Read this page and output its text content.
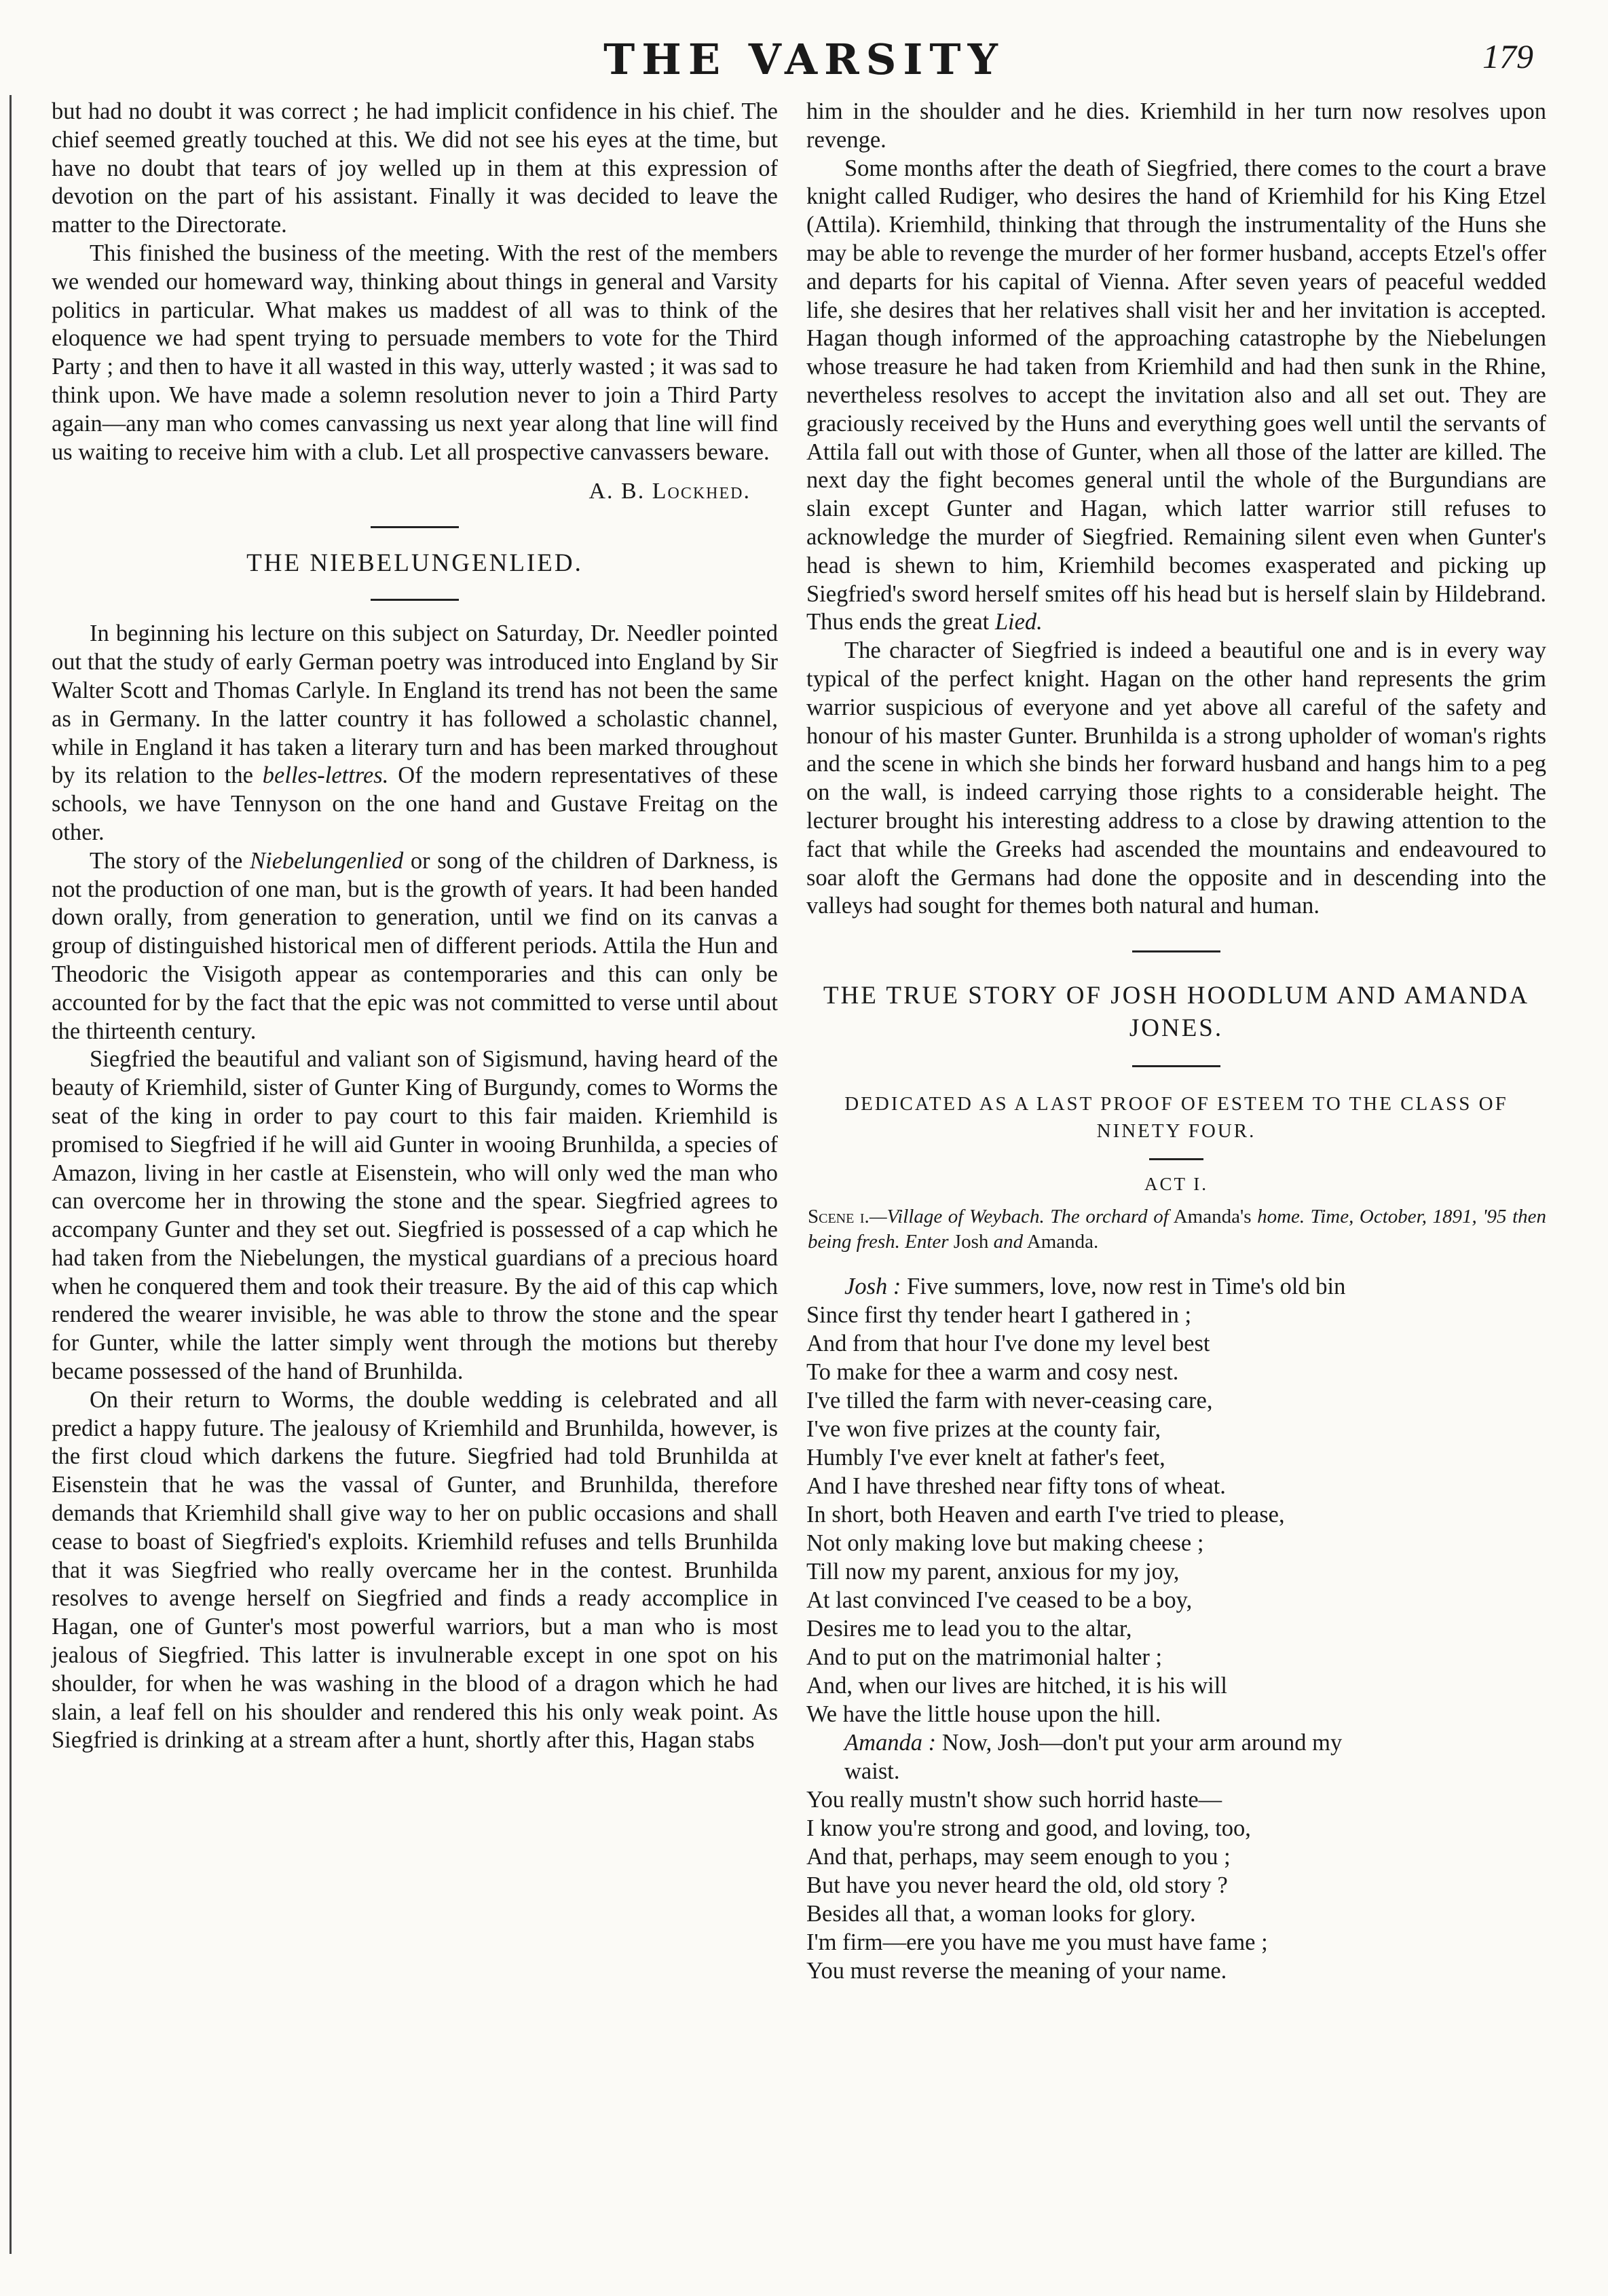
THE VARSITY	179

but had no doubt it was correct ; he had implicit confidence in his chief. The chief seemed greatly touched at this. We did not see his eyes at the time, but have no doubt that tears of joy welled up in them at this expression of devotion on the part of his assistant. Finally it was decided to leave the matter to the Directorate.

This finished the business of the meeting. With the rest of the members we wended our homeward way, thinking about things in general and Varsity politics in particular. What makes us maddest of all was to think of the eloquence we had spent trying to persuade members to vote for the Third Party ; and then to have it all wasted in this way, utterly wasted ; it was sad to think upon. We have made a solemn resolution never to join a Third Party again—any man who comes canvassing us next year along that line will find us waiting to receive him with a club. Let all prospective canvassers beware.

A. B. Lockhed.
THE NIEBELUNGENLIED.

In beginning his lecture on this subject on Saturday, Dr. Needler pointed out that the study of early German poetry was introduced into England by Sir Walter Scott and Thomas Carlyle. In England its trend has not been the same as in Germany. In the latter country it has followed a scholastic channel, while in England it has taken a literary turn and has been marked throughout by its relation to the belles-lettres. Of the modern representatives of these schools, we have Tennyson on the one hand and Gustave Freitag on the other.

The story of the Niebelungenlied or song of the children of Darkness, is not the production of one man, but is the growth of years. It had been handed down orally, from generation to generation, until we find on its canvas a group of distinguished historical men of different periods. Attila the Hun and Theodoric the Visigoth appear as contemporaries and this can only be accounted for by the fact that the epic was not committed to verse until about the thirteenth century.

Siegfried the beautiful and valiant son of Sigismund, having heard of the beauty of Kriemhild, sister of Gunter King of Burgundy, comes to Worms the seat of the king in order to pay court to this fair maiden. Kriemhild is promised to Siegfried if he will aid Gunter in wooing Brunhilda, a species of Amazon, living in her castle at Eisenstein, who will only wed the man who can overcome her in throwing the stone and the spear. Siegfried agrees to accompany Gunter and they set out. Siegfried is possessed of a cap which he had taken from the Niebelungen, the mystical guardians of a precious hoard when he conquered them and took their treasure. By the aid of this cap which rendered the wearer invisible, he was able to throw the stone and the spear for Gunter, while the latter simply went through the motions but thereby became possessed of the hand of Brunhilda.

On their return to Worms, the double wedding is celebrated and all predict a happy future. The jealousy of Kriemhild and Brunhilda, however, is the first cloud which darkens the future. Siegfried had told Brunhilda at Eisenstein that he was the vassal of Gunter, and Brunhilda, therefore demands that Kriemhild shall give way to her on public occasions and shall cease to boast of Siegfried's exploits. Kriemhild refuses and tells Brunhilda that it was Siegfried who really overcame her in the contest. Brunhilda resolves to avenge herself on Siegfried and finds a ready accomplice in Hagan, one of Gunter's most powerful warriors, but a man who is most jealous of Siegfried. This latter is invulnerable except in one spot on his shoulder, for when he was washing in the blood of a dragon which he had slain, a leaf fell on his shoulder and rendered this his only weak point. As Siegfried is drinking at a stream after a hunt, shortly after this, Hagan stabs

him in the shoulder and he dies. Kriemhild in her turn now resolves upon revenge.

Some months after the death of Siegfried, there comes to the court a brave knight called Rudiger, who desires the hand of Kriemhild for his King Etzel (Attila). Kriemhild, thinking that through the instrumentality of the Huns she may be able to revenge the murder of her former husband, accepts Etzel's offer and departs for his capital of Vienna. After seven years of peaceful wedded life, she desires that her relatives shall visit her and her invitation is accepted. Hagan though informed of the approaching catastrophe by the Niebelungen whose treasure he had taken from Kriemhild and had then sunk in the Rhine, nevertheless resolves to accept the invitation also and all set out. They are graciously received by the Huns and everything goes well until the servants of Attila fall out with those of Gunter, when all those of the latter are killed. The next day the fight becomes general until the whole of the Burgundians are slain except Gunter and Hagan, which latter warrior still refuses to acknowledge the murder of Siegfried. Remaining silent even when Gunter's head is shewn to him, Kriemhild becomes exasperated and picking up Siegfried's sword herself smites off his head but is herself slain by Hildebrand. Thus ends the great Lied.

The character of Siegfried is indeed a beautiful one and is in every way typical of the perfect knight. Hagan on the other hand represents the grim warrior suspicious of everyone and yet above all careful of the safety and honour of his master Gunter. Brunhilda is a strong upholder of woman's rights and the scene in which she binds her forward husband and hangs him to a peg on the wall, is indeed carrying those rights to a considerable height. The lecturer brought his interesting address to a close by drawing attention to the fact that while the Greeks had ascended the mountains and endeavoured to soar aloft the Germans had done the opposite and in descending into the valleys had sought for themes both natural and human.

THE TRUE STORY OF JOSH HOODLUM AND AMANDA JONES.
DEDICATED AS A LAST PROOF OF ESTEEM TO THE CLASS OF NINETY FOUR.
ACT I.
Scene i.—Village of Weybach. The orchard of Amanda's home. Time, October, 1891, '95 then being fresh. Enter Josh and Amanda.
Josh : Five summers, love, now rest in Time's old bin
Since first thy tender heart I gathered in ;
And from that hour I've done my level best
To make for thee a warm and cosy nest.
I've tilled the farm with never-ceasing care,
I've won five prizes at the county fair,
Humbly I've ever knelt at father's feet,
And I have threshed near fifty tons of wheat.
In short, both Heaven and earth I've tried to please,
Not only making love but making cheese ;
Till now my parent, anxious for my joy,
At last convinced I've ceased to be a boy,
Desires me to lead you to the altar,
And to put on the matrimonial halter ;
And, when our lives are hitched, it is his will
We have the little house upon the hill.
Amanda : Now, Josh—don't put your arm around my
waist.
You really mustn't show such horrid haste—
I know you're strong and good, and loving, too,
And that, perhaps, may seem enough to you ;
But have you never heard the old, old story ?
Besides all that, a woman looks for glory.
I'm firm—ere you have me you must have fame ;
You must reverse the meaning of your name.
